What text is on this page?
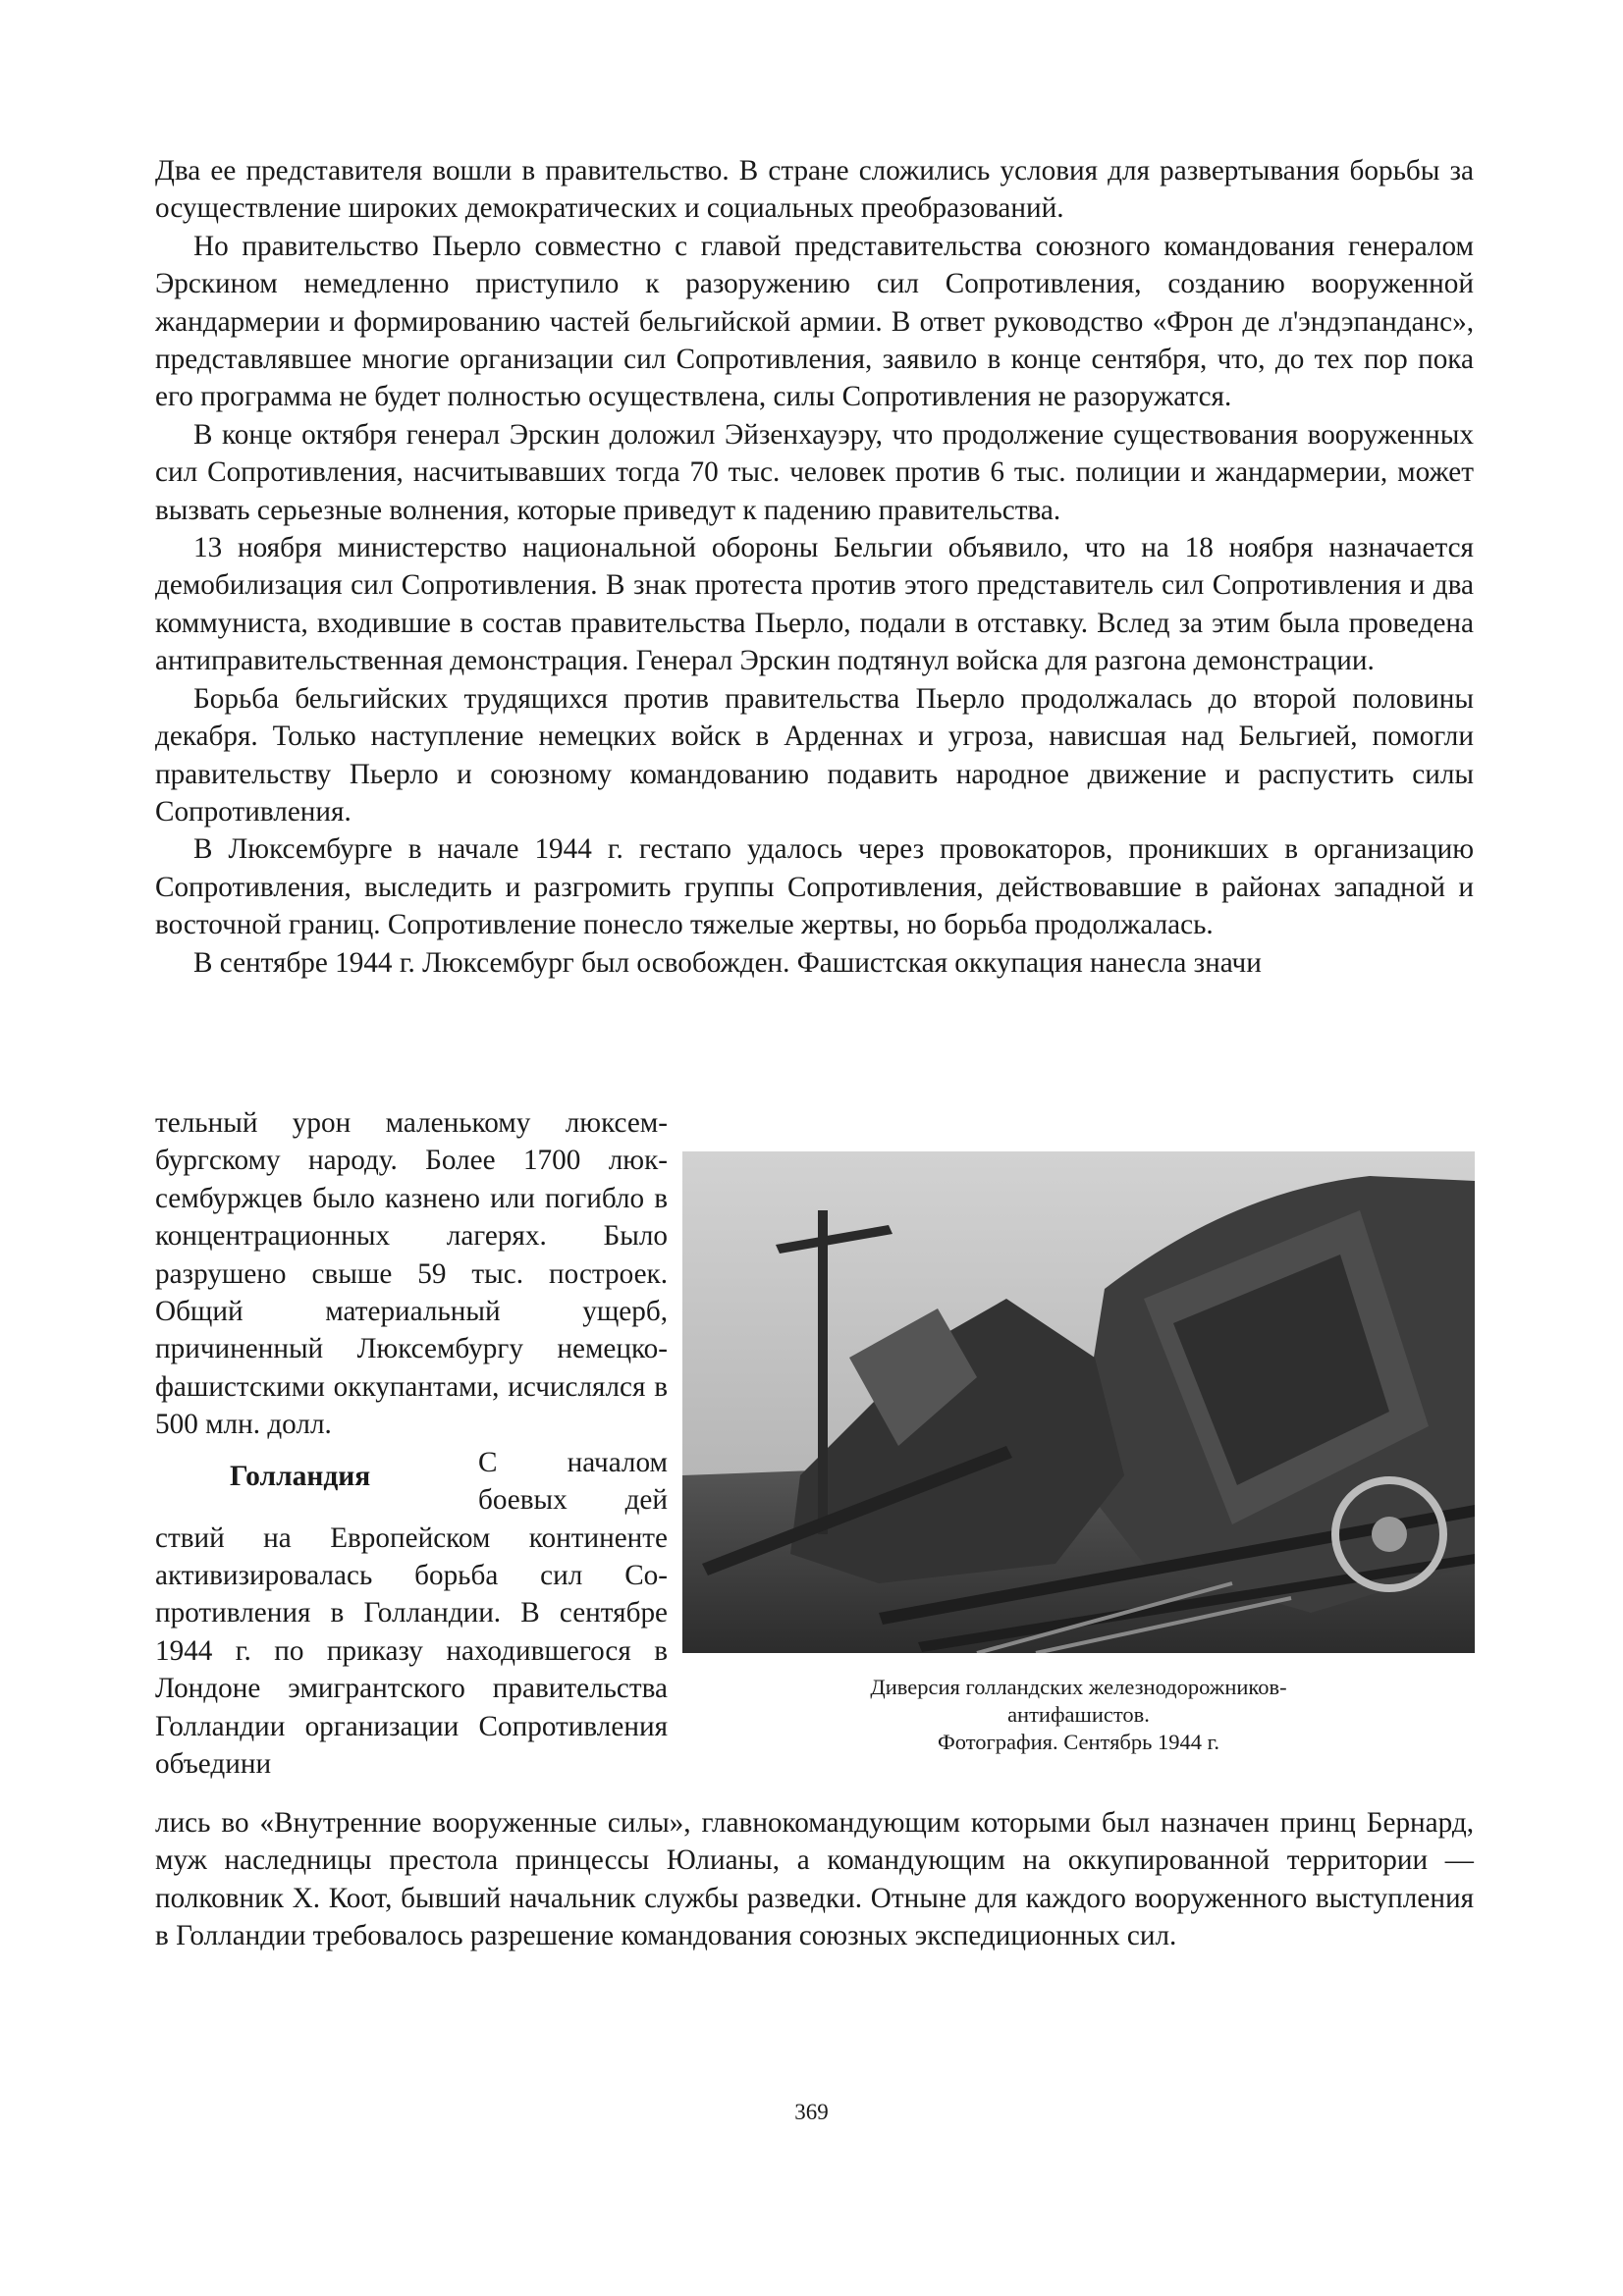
Два ее представителя вошли в правительство. В стране сложились условия для развертывания борьбы за осуществление широких демократических и социальных преобразований.

Но правительство Пьерло совместно с главой представительства союзного командования генералом Эрскином немедленно приступило к разоружению сил Сопротивления, созданию вооруженной жандармерии и формированию частей бельгийской армии. В ответ руководство «Фрон де л'эндэпанданс», представлявшее многие организации сил Сопротивления, заявило в конце сентября, что, до тех пор пока его программа не будет полностью осуществлена, силы Сопротивления не разоружатся.

В конце октября генерал Эрскин доложил Эйзенхауэру, что продолжение существования вооруженных сил Сопротивления, насчитывавших тогда 70 тыс. человек против 6 тыс. полиции и жандармерии, может вызвать серьезные волнения, которые приведут к падению правительства.

13 ноября министерство национальной обороны Бельгии объявило, что на 18 ноября назначается демобилизация сил Сопротивления. В знак протеста против этого представитель сил Сопротивления и два коммуниста, входившие в состав правительства Пьерло, подали в отставку. Вслед за этим была проведена антиправительственная демонстрация. Генерал Эрскин подтянул войска для разгона демонстрации.

Борьба бельгийских трудящихся против правительства Пьерло продолжалась до второй половины декабря. Только наступление немецких войск в Арденнах и угроза, нависшая над Бельгией, помогли правительству Пьерло и союзному командованию подавить народное движение и распустить силы Сопротивления.

В Люксембурге в начале 1944 г. гестапо удалось через провокаторов, проникших в организацию Сопротивления, выследить и разгромить группы Сопротивления, действовавшие в районах западной и восточной границ. Сопротивление понесло тяжелые жертвы, но борьба продолжалась.

В сентябре 1944 г. Люксембург был освобожден. Фашистская оккупация нанесла значи

тельный урон маленькому люксембургскому народу. Более 1700 люксембуржцев было казнено или погибло в концентрационных лагерях. Было разрушено свыше 59 тыс. построек. Общий материальный ущерб, причиненный Люксембургу немецко-фашистскими оккупантами, исчислялся в 500 млн. долл.

Голландия	С началом
боевых дей

ствий на Европейском континенте активизировалась борьба сил Сопротивления в Голландии. В сентябре 1944 г. по приказу находившегося в Лондоне эмигрантского правительства Голландии организации Сопротивления объедини

лись во «Внутренние вооруженные силы», главнокомандующим которыми был назначен принц Бернард, муж наследницы престола принцессы Юлианы, а командующим на оккупированной территории — полковник Х. Коот, бывший начальник службы разведки. Отныне для каждого вооруженного выступления в Голландии требовалось разрешение командования союзных экспедиционных сил.

Диверсия голландских железнодорожников-
антифашистов.
Фотография. Сентябрь 1944 г.
369
